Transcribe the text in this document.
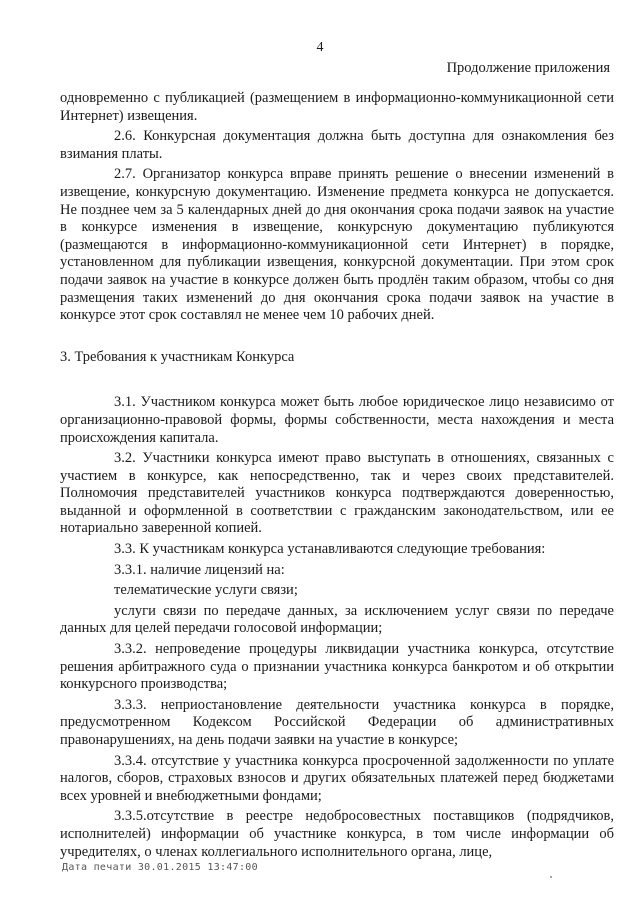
4
Продолжение приложения

одновременно с публикацией (размещением в информационно-коммуникационной сети Интернет) извещения.

2.6. Конкурсная документация должна быть доступна для ознакомления без взимания платы.

2.7. Организатор конкурса вправе принять решение о внесении изменений в извещение, конкурсную документацию. Изменение предмета конкурса не допускается. Не позднее чем за 5 календарных дней до дня окончания срока подачи заявок на участие в конкурсе изменения в извещение, конкурсную документацию публикуются (размещаются в информационно-коммуникационной сети Интернет) в порядке, установленном для публикации извещения, конкурсной документации. При этом срок подачи заявок на участие в конкурсе должен быть продлён таким образом, чтобы со дня размещения таких изменений до дня окончания срока подачи заявок на участие в конкурсе этот срок составлял не менее чем 10 рабочих дней.

3. Требования к участникам Конкурса

3.1. Участником конкурса может быть любое юридическое лицо независимо от организационно-правовой формы, формы собственности, места нахождения и места происхождения капитала.

3.2. Участники конкурса имеют право выступать в отношениях, связанных с участием в конкурсе, как непосредственно, так и через своих представителей. Полномочия представителей участников конкурса подтверждаются доверенностью, выданной и оформленной в соответствии с гражданским законодательством, или ее нотариально заверенной копией.

3.3. К участникам конкурса устанавливаются следующие требования:

3.3.1. наличие лицензий на:

телематические услуги связи;

услуги связи по передаче данных, за исключением услуг связи по передаче данных для целей передачи голосовой информации;

3.3.2. непроведение процедуры ликвидации участника конкурса, отсутствие решения арбитражного суда о признании участника конкурса банкротом и об открытии конкурсного производства;

3.3.3. неприостановление деятельности участника конкурса в порядке, предусмотренном Кодексом Российской Федерации об административных правонарушениях, на день подачи заявки на участие в конкурсе;

3.3.4. отсутствие у участника конкурса просроченной задолженности по уплате налогов, сборов, страховых взносов и других обязательных платежей перед бюджетами всех уровней и внебюджетными фондами;

3.3.5.отсутствие в реестре недобросовестных поставщиков (подрядчиков, исполнителей) информации об участнике конкурса, в том числе информации об учредителях, о членах коллегиального исполнительного органа, лице,

Дата печати 30.01.2015 13:47:00
